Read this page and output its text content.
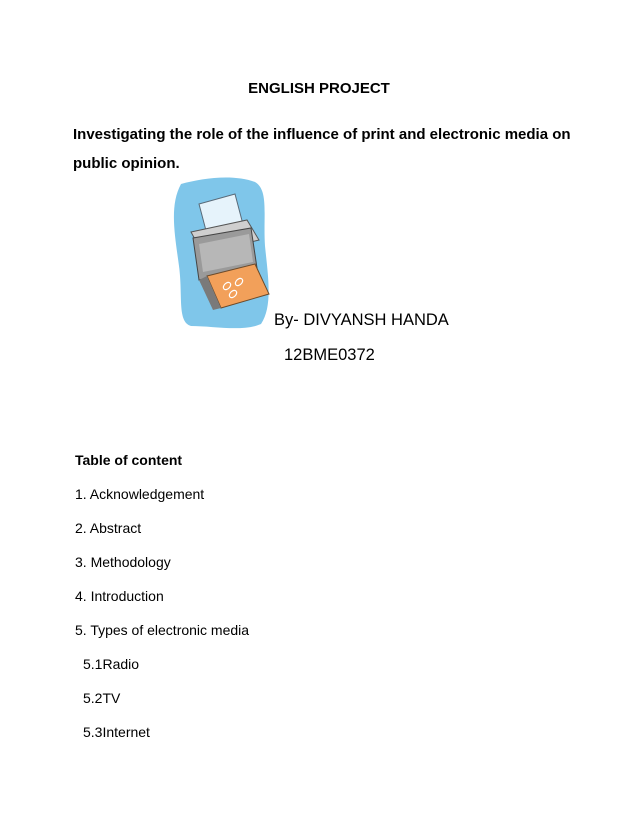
ENGLISH PROJECT
Investigating the role of the influence of print and electronic media on public opinion.
By- DIVYANSH HANDA
12BME0372
Table of content
1. Acknowledgement
2. Abstract
3. Methodology
4. Introduction
5. Types of electronic media
5.1Radio
5.2TV
5.3Internet
